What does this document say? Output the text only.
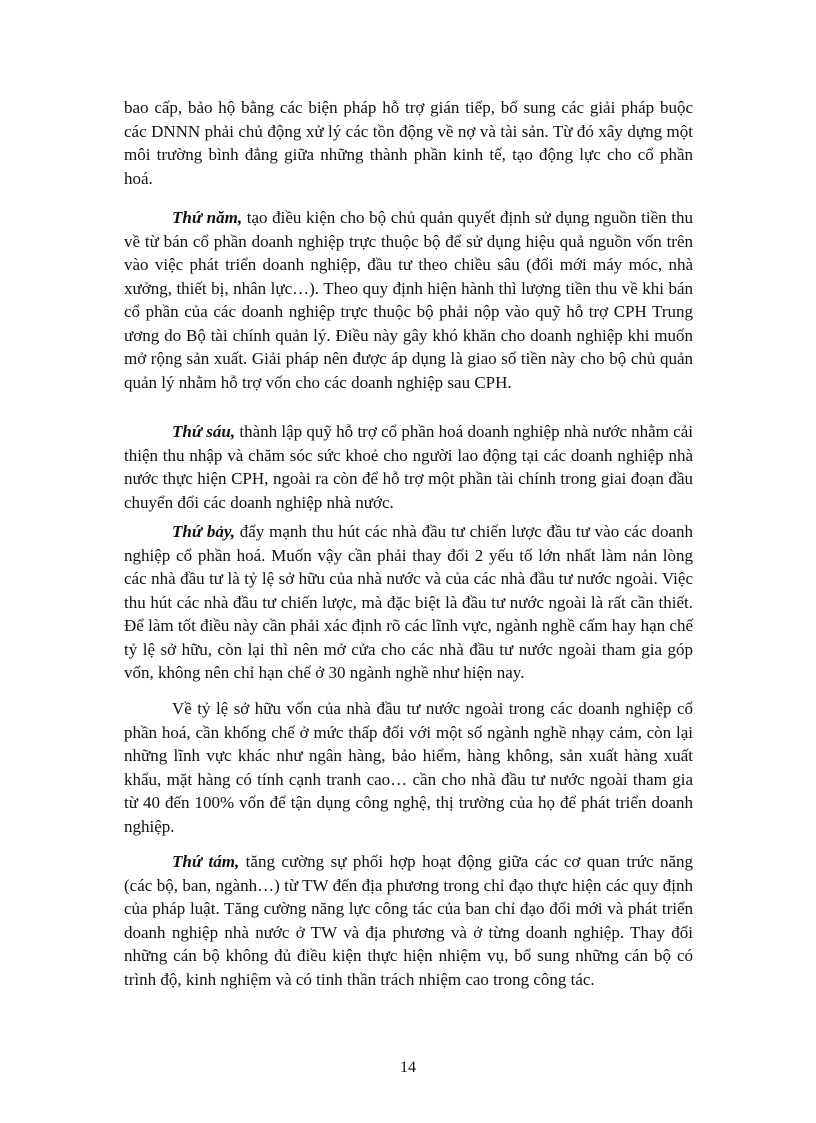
bao cấp, bảo hộ bằng các biện pháp hỗ trợ gián tiếp, bổ sung các giải pháp buộc các DNNN phải chủ động xử lý các tồn động về nợ và tài sản. Từ đó xây dựng một môi trường bình đẳng giữa những thành phần kinh tế, tạo động lực cho cổ phần hoá.

Thứ năm, tạo điều kiện cho bộ chủ quản quyết định sử dụng nguồn tiền thu về từ bán cổ phần doanh nghiệp trực thuộc bộ để sử dụng hiệu quả nguồn vốn trên vào việc phát triển doanh nghiệp, đầu tư theo chiều sâu (đổi mới máy móc, nhà xưởng, thiết bị, nhân lực…). Theo quy định hiện hành thì lượng tiền thu về khi bán cổ phần của các doanh nghiệp trực thuộc bộ phải nộp vào quỹ hỗ trợ CPH Trung ương do Bộ tài chính quản lý. Điều này gây khó khăn cho doanh nghiệp khi muốn mở rộng sản xuất. Giải pháp nên được áp dụng là giao số tiền này cho bộ chủ quản quản lý nhằm hỗ trợ vốn cho các doanh nghiệp sau CPH.

Thứ sáu, thành lập quỹ hỗ trợ cổ phần hoá doanh nghiệp nhà nước nhằm cải thiện thu nhập và chăm sóc sức khoẻ cho người lao động tại các doanh nghiệp nhà nước thực hiện CPH, ngoài ra còn để hỗ trợ một phần tài chính trong giai đoạn đầu chuyển đổi các doanh nghiệp nhà nước.

Thứ bảy, đẩy mạnh thu hút các nhà đầu tư chiến lược đầu tư vào các doanh nghiệp cổ phần hoá. Muốn vậy cần phải thay đổi 2 yếu tố lớn nhất làm nản lòng các nhà đầu tư là tỷ lệ sở hữu của nhà nước và của các nhà đầu tư nước ngoài. Việc thu hút các nhà đầu tư chiến lược, mà đặc biệt là đầu tư nước ngoài là rất cần thiết. Để làm tốt điều này cần phải xác định rõ các lĩnh vực, ngành nghề cấm hay hạn chế tỷ lệ sở hữu, còn lại thì nên mở cửa cho các nhà đầu tư nước ngoài tham gia góp vốn, không nên chỉ hạn chế ở 30 ngành nghề như hiện nay.

Về tỷ lệ sở hữu vốn của nhà đầu tư nước ngoài trong các doanh nghiệp cổ phần hoá, cần khống chế ở mức thấp đối với một số ngành nghề nhạy cảm, còn lại những lĩnh vực khác như ngân hàng, bảo hiểm, hàng không, sản xuất hàng xuất khẩu, mặt hàng có tính cạnh tranh cao… cần cho nhà đầu tư nước ngoài tham gia từ 40 đến 100% vốn để tận dụng công nghệ, thị trường của họ để phát triển doanh nghiệp.

Thứ tám, tăng cường sự phối hợp hoạt động giữa các cơ quan trức năng (các bộ, ban, ngành…) từ TW đến địa phương trong chỉ đạo thực hiện các quy định của pháp luật. Tăng cường năng lực công tác của ban chỉ đạo đổi mới và phát triển doanh nghiệp nhà nước ở TW và địa phương và ở từng doanh nghiệp. Thay đổi những cán bộ không đủ điều kiện thực hiện nhiệm vụ, bổ sung những cán bộ có trình độ, kinh nghiệm và có tinh thần trách nhiệm cao trong công tác.

14
